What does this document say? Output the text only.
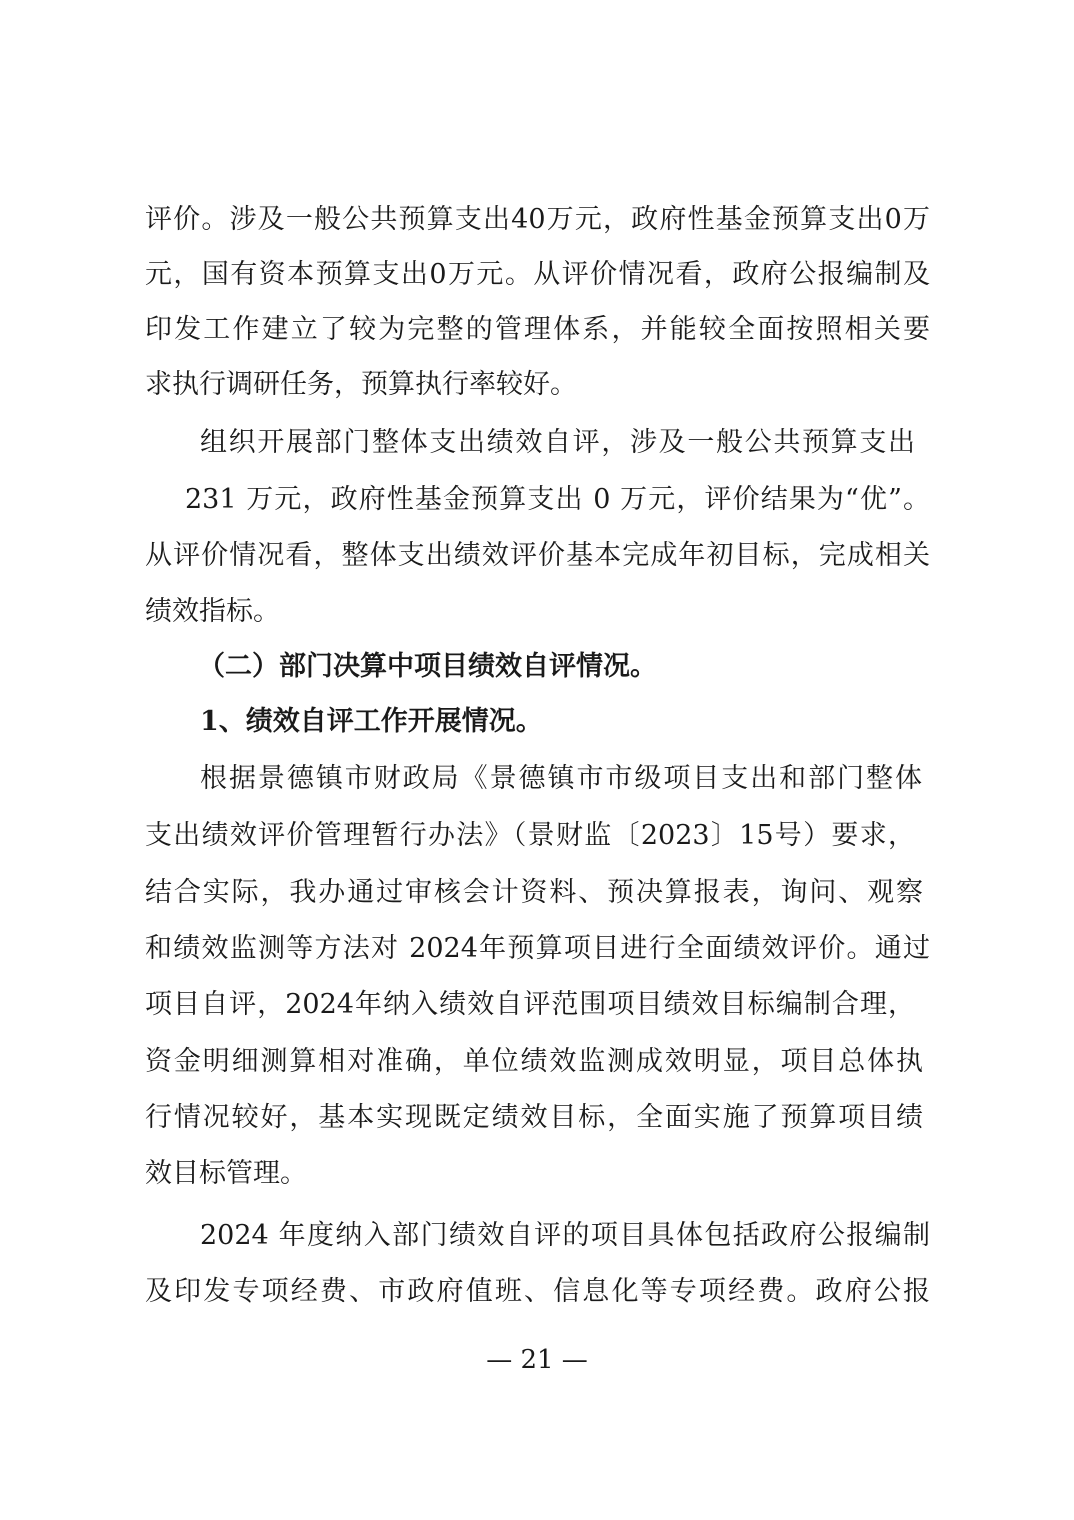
评价。涉及一般公共预算支出40万元，政府性基金预算支出0万
元，国有资本预算支出0万元。从评价情况看，政府公报编制及
印发工作建立了较为完整的管理体系，并能较全面按照相关要
求执行调研任务，预算执行率较好。
组织开展部门整体支出绩效自评，涉及一般公共预算支出
231 万元，政府性基金预算支出 0 万元，评价结果为“优”。
从评价情况看，整体支出绩效评价基本完成年初目标，完成相关
绩效指标。
（二）部门决算中项目绩效自评情况。
1、绩效自评工作开展情况。
根据景德镇市财政局《景德镇市市级项目支出和部门整体
支出绩效评价管理暂行办法》（景财监〔2023〕15号）要求，
结合实际，我办通过审核会计资料、预决算报表，询问、观察
和绩效监测等方法对 2024年预算项目进行全面绩效评价。通过
项目自评，2024年纳入绩效自评范围项目绩效目标编制合理，
资金明细测算相对准确，单位绩效监测成效明显，项目总体执
行情况较好，基本实现既定绩效目标，全面实施了预算项目绩
效目标管理。
2024 年度纳入部门绩效自评的项目具体包括政府公报编制
及印发专项经费、市政府值班、信息化等专项经费。政府公报
— 21 —
